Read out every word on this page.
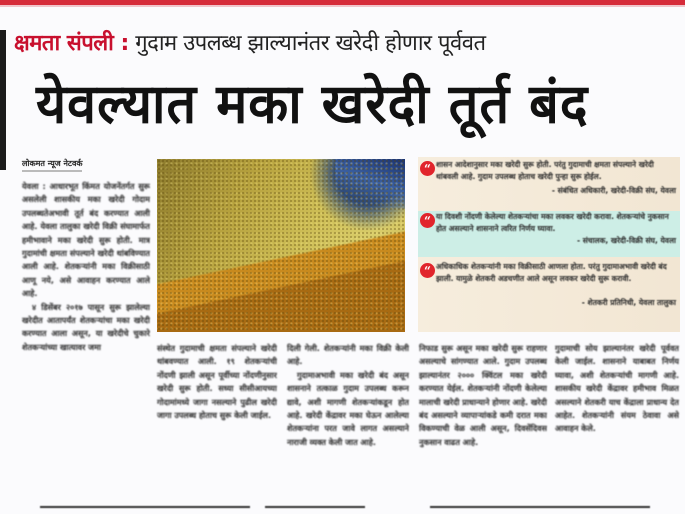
क्षमता संपली : गुदाम उपलब्ध झाल्यानंतर खरेदी होणार पूर्ववत
येवल्यात मका खरेदी तूर्त बंद
लोकमत न्यूज नेटवर्क

येवला : आधारभूत किंमत योजनेंतर्गत सुरू असलेली शासकीय मका खरेदी गोदाम उपलब्धतेअभावी तूर्त बंद करण्यात आली आहे. येवला तालुका खरेदी विक्री संघामार्फत हमीभावाने मका खरेदी सुरू होती. मात्र गुदामांची क्षमता संपल्याने खरेदी थांबविण्यात आली आहे. शेतकऱ्यांनी मका विक्रीसाठी आणू नये, असे आवाहन करण्यात आले आहे.

४ डिसेंबर २०१७ पासून सुरू झालेल्या खरेदीत आतापर्यंत शेतकऱ्यांचा मका खरेदी करण्यात आला असून, या खरेदीचे चुकारे शेतकऱ्यांच्या खात्यावर जमा

“ शासन आदेशानुसार मका खरेदी सुरू होती. परंतु गुदामाची क्षमता संपल्याने खरेदी थांबवली आहे. गुदाम उपलब्ध होताच खरेदी पुन्हा सुरू होईल.
- संबंधित अधिकारी, खरेदी-विक्री संघ, येवला
“ या दिवशी नोंदणी केलेल्या शेतकऱ्यांचा मका लवकर खरेदी करावा. शेतकऱ्यांचे नुकसान होत असल्याने शासनाने त्वरित निर्णय घ्यावा.
- संचालक, खरेदी-विक्री संघ, येवला
“ अधिकाधिक शेतकऱ्यांनी मका विक्रीसाठी आणला होता. परंतु गुदामाअभावी खरेदी बंद झाली. यामुळे शेतकरी अडचणीत आले असून लवकर खरेदी सुरू करावी.
- शेतकरी प्रतिनिधी, येवला तालुका

संस्थेत गुदामाची क्षमता संपल्याने खरेदी थांबवण्यात आली. १९ शेतकऱ्यांची नोंदणी झाली असून पूर्वीच्या नोंदणीनुसार खरेदी सुरू होती. सध्या सीसीआयच्या गोदामांमध्ये जागा नसल्याने पुढील खरेदी जागा उपलब्ध होताच सुरू केली जाईल.

दिली गेली. शेतकऱ्यांनी मका विक्री केली आहे.

गुदामाअभावी मका खरेदी बंद असून शासनाने तत्काळ गुदाम उपलब्ध करून द्यावे, अशी मागणी शेतकऱ्यांकडून होत आहे. खरेदी केंद्रावर मका घेऊन आलेल्या शेतकऱ्यांना परत जावे लागत असल्याने नाराजी व्यक्त केली जात आहे.

निफाड सुरू असून मका खरेदी सुरू राहणार असल्याचे सांगण्यात आले. गुदाम उपलब्ध झाल्यानंतर २००० क्विंटल मका खरेदी करण्यात येईल. शेतकऱ्यांनी नोंदणी केलेल्या मालाची खरेदी प्राधान्याने होणार आहे. खरेदी बंद असल्याने व्यापाऱ्यांकडे कमी दरात मका विकण्याची वेळ आली असून, दिवसेंदिवस नुकसान वाढत आहे.

गुदामाची सोय झाल्यानंतर खरेदी पूर्ववत केली जाईल. शासनाने याबाबत निर्णय घ्यावा, अशी शेतकऱ्यांची मागणी आहे. शासकीय खरेदी केंद्रावर हमीभाव मिळत असल्याने शेतकरी याच केंद्राला प्राधान्य देत आहेत. शेतकऱ्यांनी संयम ठेवावा असे आवाहन केले.
